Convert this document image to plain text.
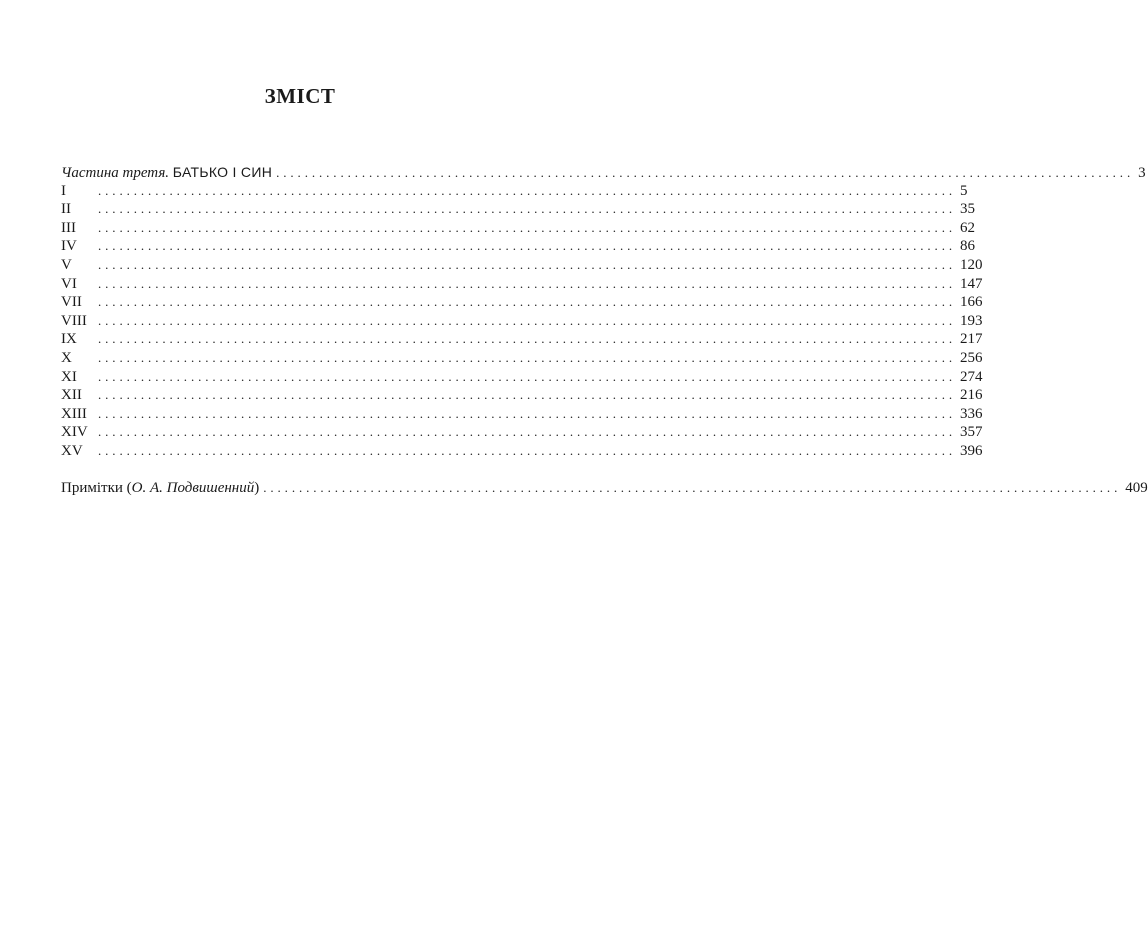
ЗМІСТ
Частина третя. БАТЬКО І СИН ........................................................................................................................ 3
I	........................................................................................................................ 5
II	........................................................................................................................ 35
III	........................................................................................................................ 62
IV	........................................................................................................................ 86
V	........................................................................................................................ 120
VI	........................................................................................................................ 147
VII	........................................................................................................................ 166
VIII ........................................................................................................................ 193
IX	........................................................................................................................ 217
X	........................................................................................................................ 256
XI	........................................................................................................................ 274
XII	........................................................................................................................ 216
XIII ........................................................................................................................ 336
XIV ........................................................................................................................ 357
XV	........................................................................................................................ 396
Примітки (О. А. Подвишенний) ........................................................................................................................ 409
